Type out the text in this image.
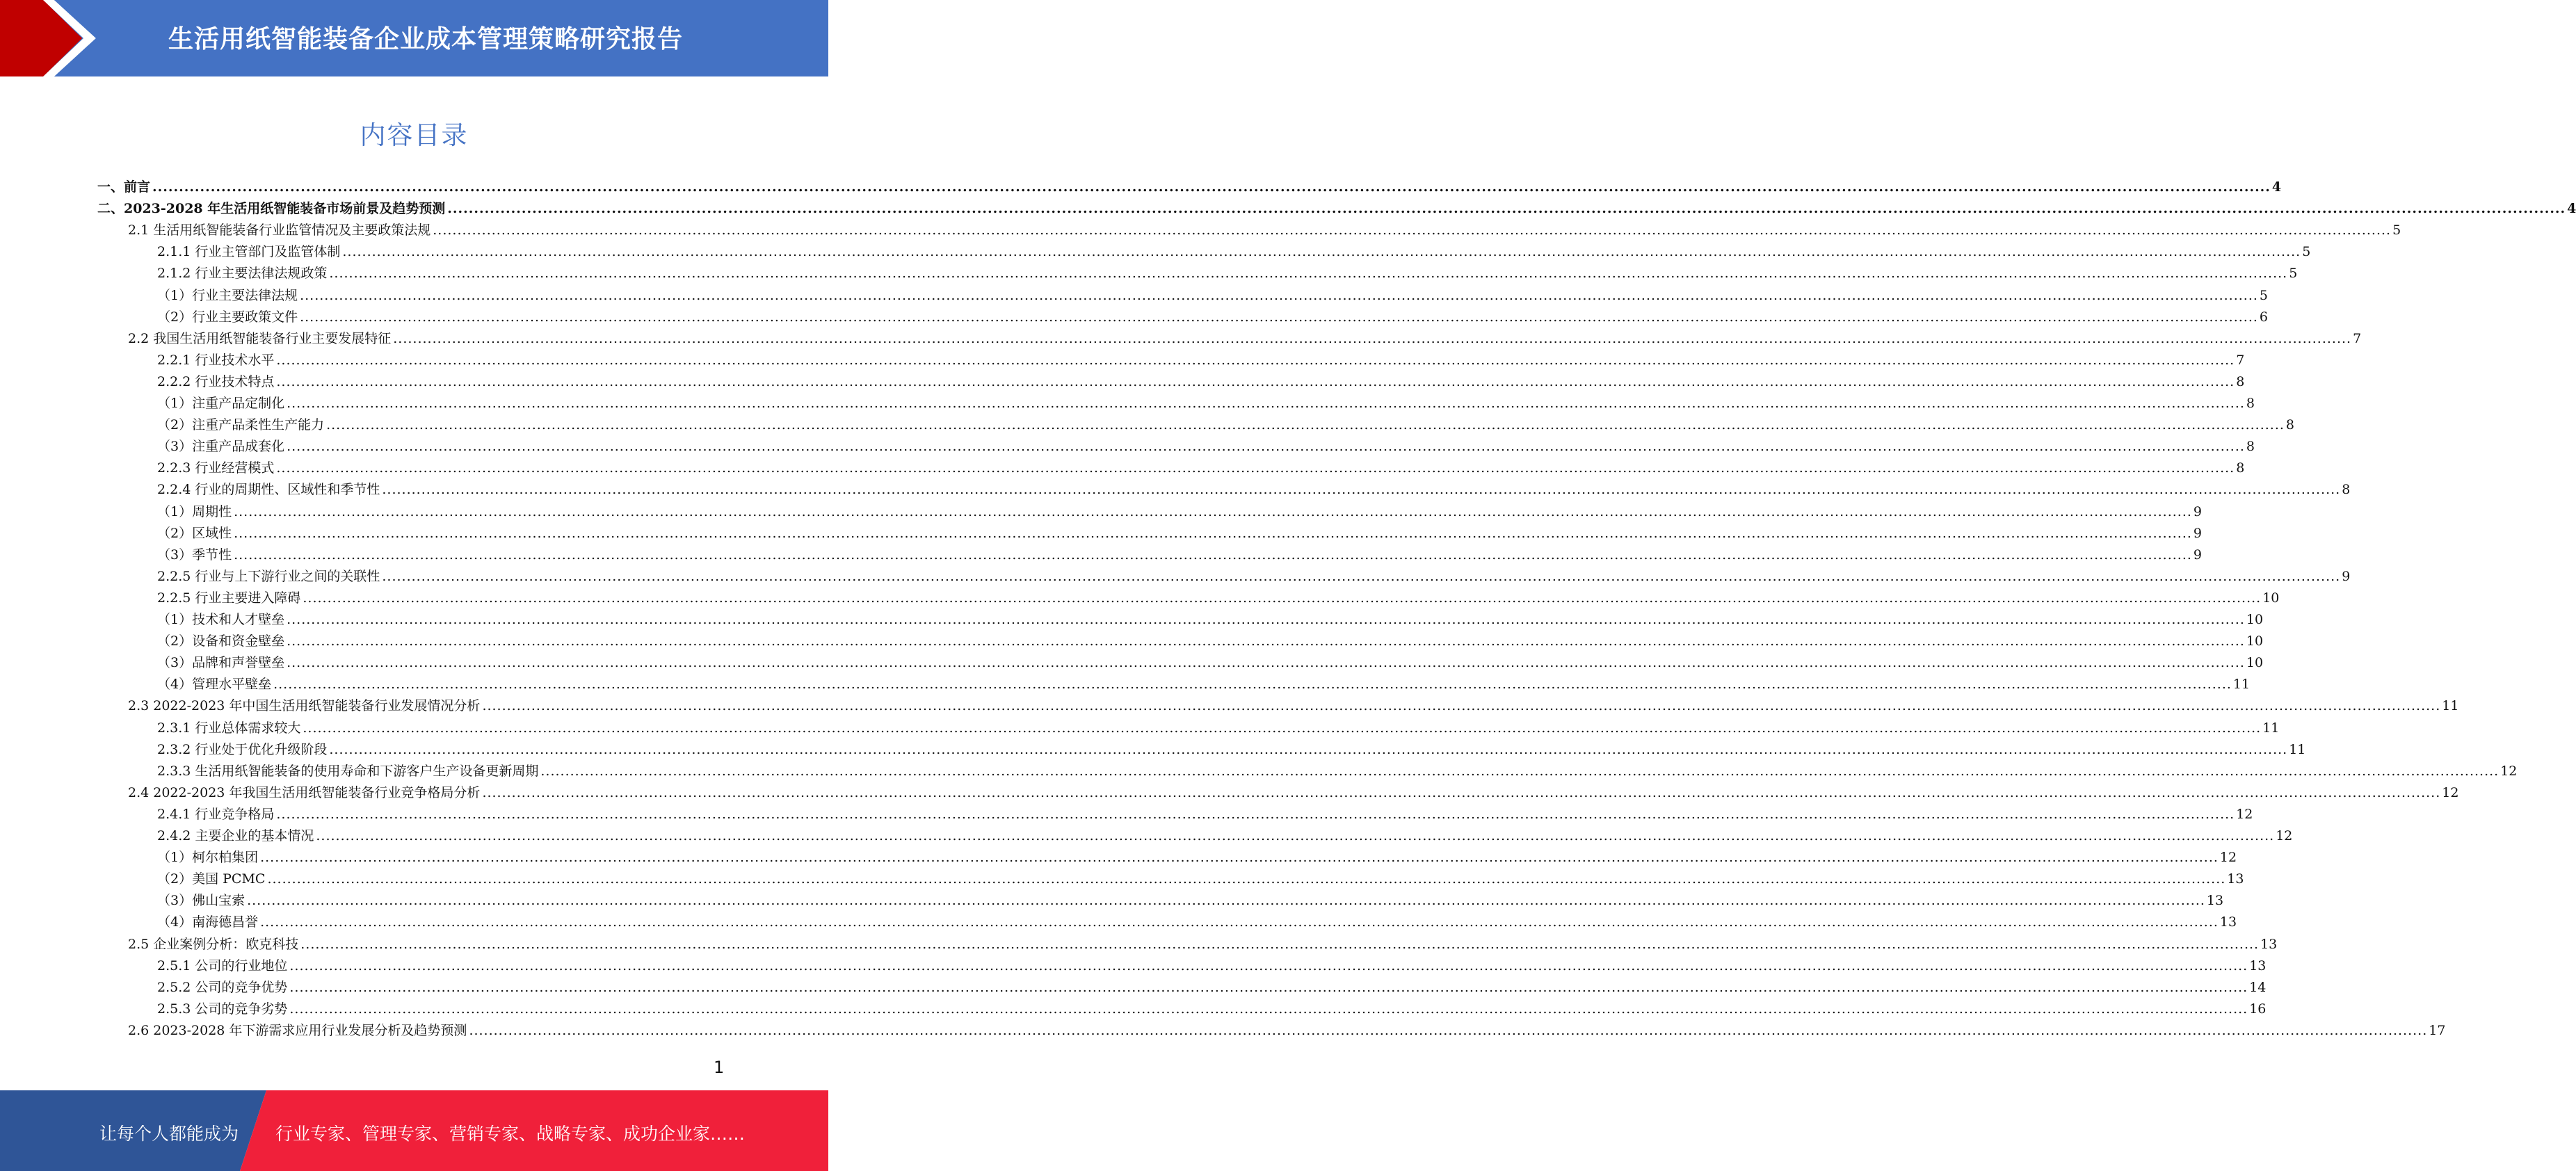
生活用纸智能装备企业成本管理策略研究报告
内容目录
一、前言 ................................................................................................................................................................................................................................................................................................................................................................................................................ 4
二、2023-2028 年生活用纸智能装备市场前景及趋势预测 ................................................................................................................................................................................................................................................................................................................................................................................................................ 4
2.1 生活用纸智能装备行业监管情况及主要政策法规 ................................................................................................................................................................................................................................................................................................................................................................................................................ 5
2.1.1 行业主管部门及监管体制 ................................................................................................................................................................................................................................................................................................................................................................................................................ 5
2.1.2 行业主要法律法规政策 ................................................................................................................................................................................................................................................................................................................................................................................................................ 5
（1）行业主要法律法规 ................................................................................................................................................................................................................................................................................................................................................................................................................ 5
（2）行业主要政策文件 ................................................................................................................................................................................................................................................................................................................................................................................................................ 6
2.2 我国生活用纸智能装备行业主要发展特征 ................................................................................................................................................................................................................................................................................................................................................................................................................ 7
2.2.1 行业技术水平 ................................................................................................................................................................................................................................................................................................................................................................................................................ 7
2.2.2 行业技术特点 ................................................................................................................................................................................................................................................................................................................................................................................................................ 8
（1）注重产品定制化 ................................................................................................................................................................................................................................................................................................................................................................................................................ 8
（2）注重产品柔性生产能力 ................................................................................................................................................................................................................................................................................................................................................................................................................ 8
（3）注重产品成套化 ................................................................................................................................................................................................................................................................................................................................................................................................................ 8
2.2.3 行业经营模式 ................................................................................................................................................................................................................................................................................................................................................................................................................ 8
2.2.4 行业的周期性、区域性和季节性 ................................................................................................................................................................................................................................................................................................................................................................................................................ 8
（1）周期性 ................................................................................................................................................................................................................................................................................................................................................................................................................ 9
（2）区域性 ................................................................................................................................................................................................................................................................................................................................................................................................................ 9
（3）季节性 ................................................................................................................................................................................................................................................................................................................................................................................................................ 9
2.2.5 行业与上下游行业之间的关联性 ................................................................................................................................................................................................................................................................................................................................................................................................................ 9
2.2.5 行业主要进入障碍 ................................................................................................................................................................................................................................................................................................................................................................................................................ 10
（1）技术和人才壁垒 ................................................................................................................................................................................................................................................................................................................................................................................................................ 10
（2）设备和资金壁垒 ................................................................................................................................................................................................................................................................................................................................................................................................................ 10
（3）品牌和声誉壁垒 ................................................................................................................................................................................................................................................................................................................................................................................................................ 10
（4）管理水平壁垒 ................................................................................................................................................................................................................................................................................................................................................................................................................ 11
2.3 2022-2023 年中国生活用纸智能装备行业发展情况分析 ................................................................................................................................................................................................................................................................................................................................................................................................................ 11
2.3.1 行业总体需求较大 ................................................................................................................................................................................................................................................................................................................................................................................................................ 11
2.3.2 行业处于优化升级阶段 ................................................................................................................................................................................................................................................................................................................................................................................................................ 11
2.3.3 生活用纸智能装备的使用寿命和下游客户生产设备更新周期 ................................................................................................................................................................................................................................................................................................................................................................................................................ 12
2.4 2022-2023 年我国生活用纸智能装备行业竞争格局分析 ................................................................................................................................................................................................................................................................................................................................................................................................................ 12
2.4.1 行业竞争格局 ................................................................................................................................................................................................................................................................................................................................................................................................................ 12
2.4.2 主要企业的基本情况 ................................................................................................................................................................................................................................................................................................................................................................................................................ 12
（1）柯尔柏集团 ................................................................................................................................................................................................................................................................................................................................................................................................................ 12
（2）美国 PCMC ................................................................................................................................................................................................................................................................................................................................................................................................................ 13
（3）佛山宝索 ................................................................................................................................................................................................................................................................................................................................................................................................................ 13
（4）南海德昌誉 ................................................................................................................................................................................................................................................................................................................................................................................................................ 13
2.5 企业案例分析：欧克科技 ................................................................................................................................................................................................................................................................................................................................................................................................................ 13
2.5.1 公司的行业地位 ................................................................................................................................................................................................................................................................................................................................................................................................................ 13
2.5.2 公司的竞争优势 ................................................................................................................................................................................................................................................................................................................................................................................................................ 14
2.5.3 公司的竞争劣势 ................................................................................................................................................................................................................................................................................................................................................................................................................ 16
2.6 2023-2028 年下游需求应用行业发展分析及趋势预测 ................................................................................................................................................................................................................................................................................................................................................................................................................ 17
1
让每个人都能成为 行业专家、管理专家、营销专家、战略专家、成功企业家……
